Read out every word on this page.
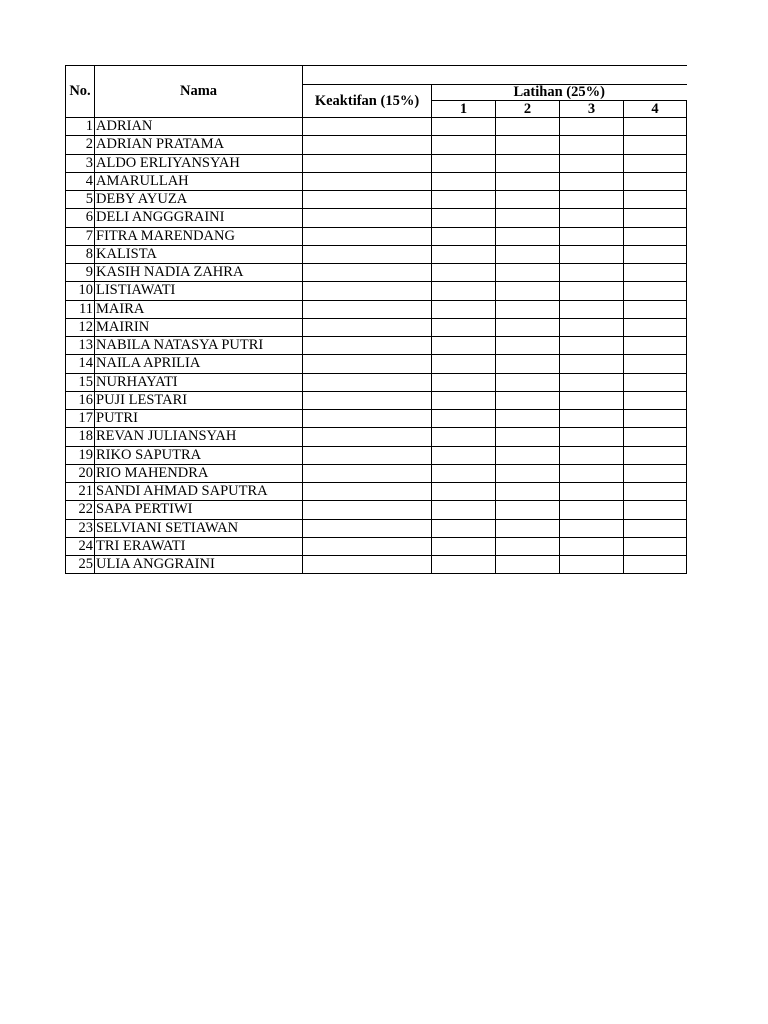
No.	Nama					
		Keaktifan (15%)	Latihan (25%)			
			1	2	3	4
1	ADRIAN					
2	ADRIAN PRATAMA					
3	ALDO ERLIYANSYAH					
4	AMARULLAH					
5	DEBY AYUZA					
6	DELI ANGGGRAINI					
7	FITRA MARENDANG					
8	KALISTA					
9	KASIH NADIA ZAHRA					
10	LISTIAWATI					
11	MAIRA					
12	MAIRIN					
13	NABILA NATASYA PUTRI					
14	NAILA APRILIA					
15	NURHAYATI					
16	PUJI LESTARI					
17	PUTRI					
18	REVAN JULIANSYAH					
19	RIKO SAPUTRA					
20	RIO MAHENDRA					
21	SANDI AHMAD SAPUTRA					
22	SAPA PERTIWI					
23	SELVIANI SETIAWAN					
24	TRI ERAWATI					
25	ULIA ANGGRAINI					
